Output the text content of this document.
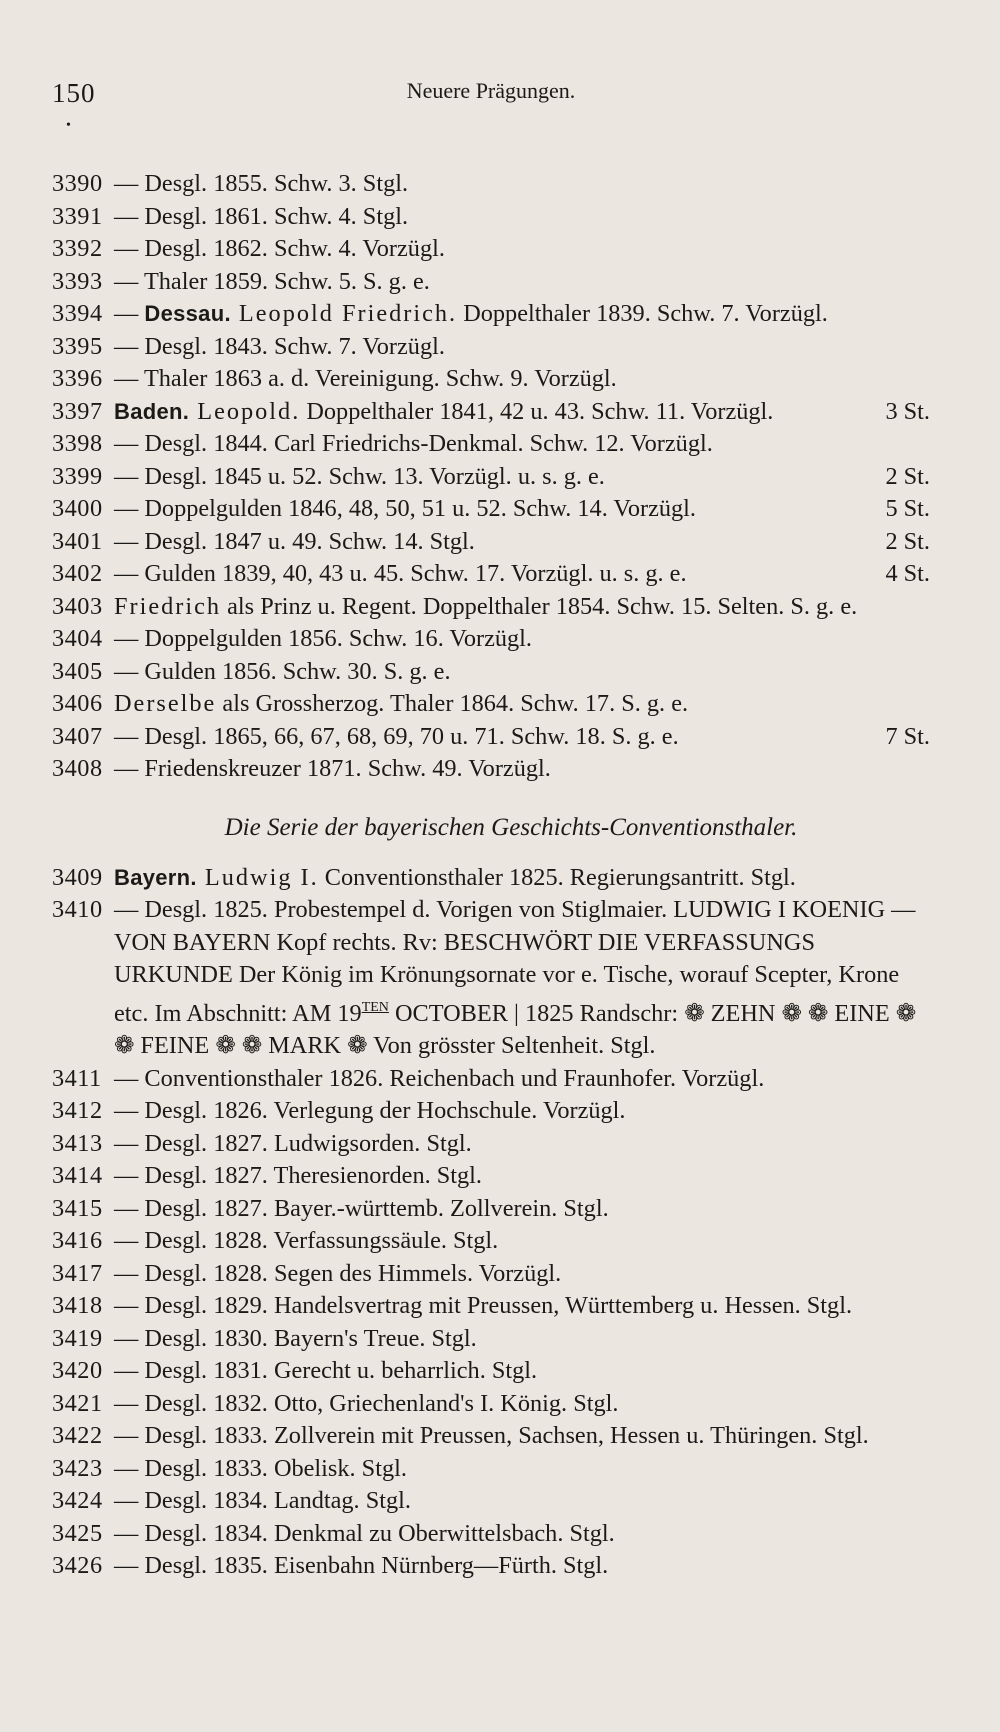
150	Neuere Prägungen.
•
3390 — Desgl. 1855. Schw. 3. Stgl.
3391 — Desgl. 1861. Schw. 4. Stgl.
3392 — Desgl. 1862. Schw. 4. Vorzügl.
3393 — Thaler 1859. Schw. 5. S. g. e.
3394 — Dessau. Leopold Friedrich. Doppelthaler 1839. Schw. 7. Vorzügl.
3395 — Desgl. 1843. Schw. 7. Vorzügl.
3396 — Thaler 1863 a. d. Vereinigung. Schw. 9. Vorzügl.
3397 Baden. Leopold. Doppelthaler 1841, 42 u. 43. Schw. 11. Vorzügl.	3 St.
3398 — Desgl. 1844. Carl Friedrichs-Denkmal. Schw. 12. Vorzügl.
3399 — Desgl. 1845 u. 52. Schw. 13. Vorzügl. u. s. g. e.	2 St.
3400 — Doppelgulden 1846, 48, 50, 51 u. 52. Schw. 14. Vorzügl.	5 St.
3401 — Desgl. 1847 u. 49. Schw. 14. Stgl.	2 St.
3402 — Gulden 1839, 40, 43 u. 45. Schw. 17. Vorzügl. u. s. g. e.	4 St.
3403 Friedrich als Prinz u. Regent. Doppelthaler 1854. Schw. 15. Selten. S. g. e.
3404 — Doppelgulden 1856. Schw. 16. Vorzügl.
3405 — Gulden 1856. Schw. 30. S. g. e.
3406 Derselbe als Grossherzog. Thaler 1864. Schw. 17. S. g. e.
3407 — Desgl. 1865, 66, 67, 68, 69, 70 u. 71. Schw. 18. S. g. e.	7 St.
3408 — Friedenskreuzer 1871. Schw. 49. Vorzügl.
Die Serie der bayerischen Geschichts-Conventionsthaler.
3409 Bayern. Ludwig I. Conventionsthaler 1825. Regierungsantritt. Stgl.
3410 — Desgl. 1825. Probestempel d. Vorigen von Stiglmaier. LUDWIG I KOENIG — VON BAYERN Kopf rechts. Rv: BESCHWÖRT DIE VERFASSUNGS URKUNDE Der König im Krönungsornate vor e. Tische, worauf Scepter, Krone etc. Im Abschnitt: AM $19^{TEN}$ OCTOBER | 1825 Randschr: ❁ ZEHN ❁ ❁ EINE ❁ ❁ FEINE ❁ ❁ MARK ❁ Von grösster Seltenheit. Stgl.
3411 — Conventionsthaler 1826. Reichenbach und Fraunhofer. Vorzügl.
3412 — Desgl. 1826. Verlegung der Hochschule. Vorzügl.
3413 — Desgl. 1827. Ludwigsorden. Stgl.
3414 — Desgl. 1827. Theresienorden. Stgl.
3415 — Desgl. 1827. Bayer.-württemb. Zollverein. Stgl.
3416 — Desgl. 1828. Verfassungssäule. Stgl.
3417 — Desgl. 1828. Segen des Himmels. Vorzügl.
3418 — Desgl. 1829. Handelsvertrag mit Preussen, Württemberg u. Hessen. Stgl.
3419 — Desgl. 1830. Bayern's Treue. Stgl.
3420 — Desgl. 1831. Gerecht u. beharrlich. Stgl.
3421 — Desgl. 1832. Otto, Griechenland's I. König. Stgl.
3422 — Desgl. 1833. Zollverein mit Preussen, Sachsen, Hessen u. Thüringen. Stgl.
3423 — Desgl. 1833. Obelisk. Stgl.
3424 — Desgl. 1834. Landtag. Stgl.
3425 — Desgl. 1834. Denkmal zu Oberwittelsbach. Stgl.
3426 — Desgl. 1835. Eisenbahn Nürnberg—Fürth. Stgl.
